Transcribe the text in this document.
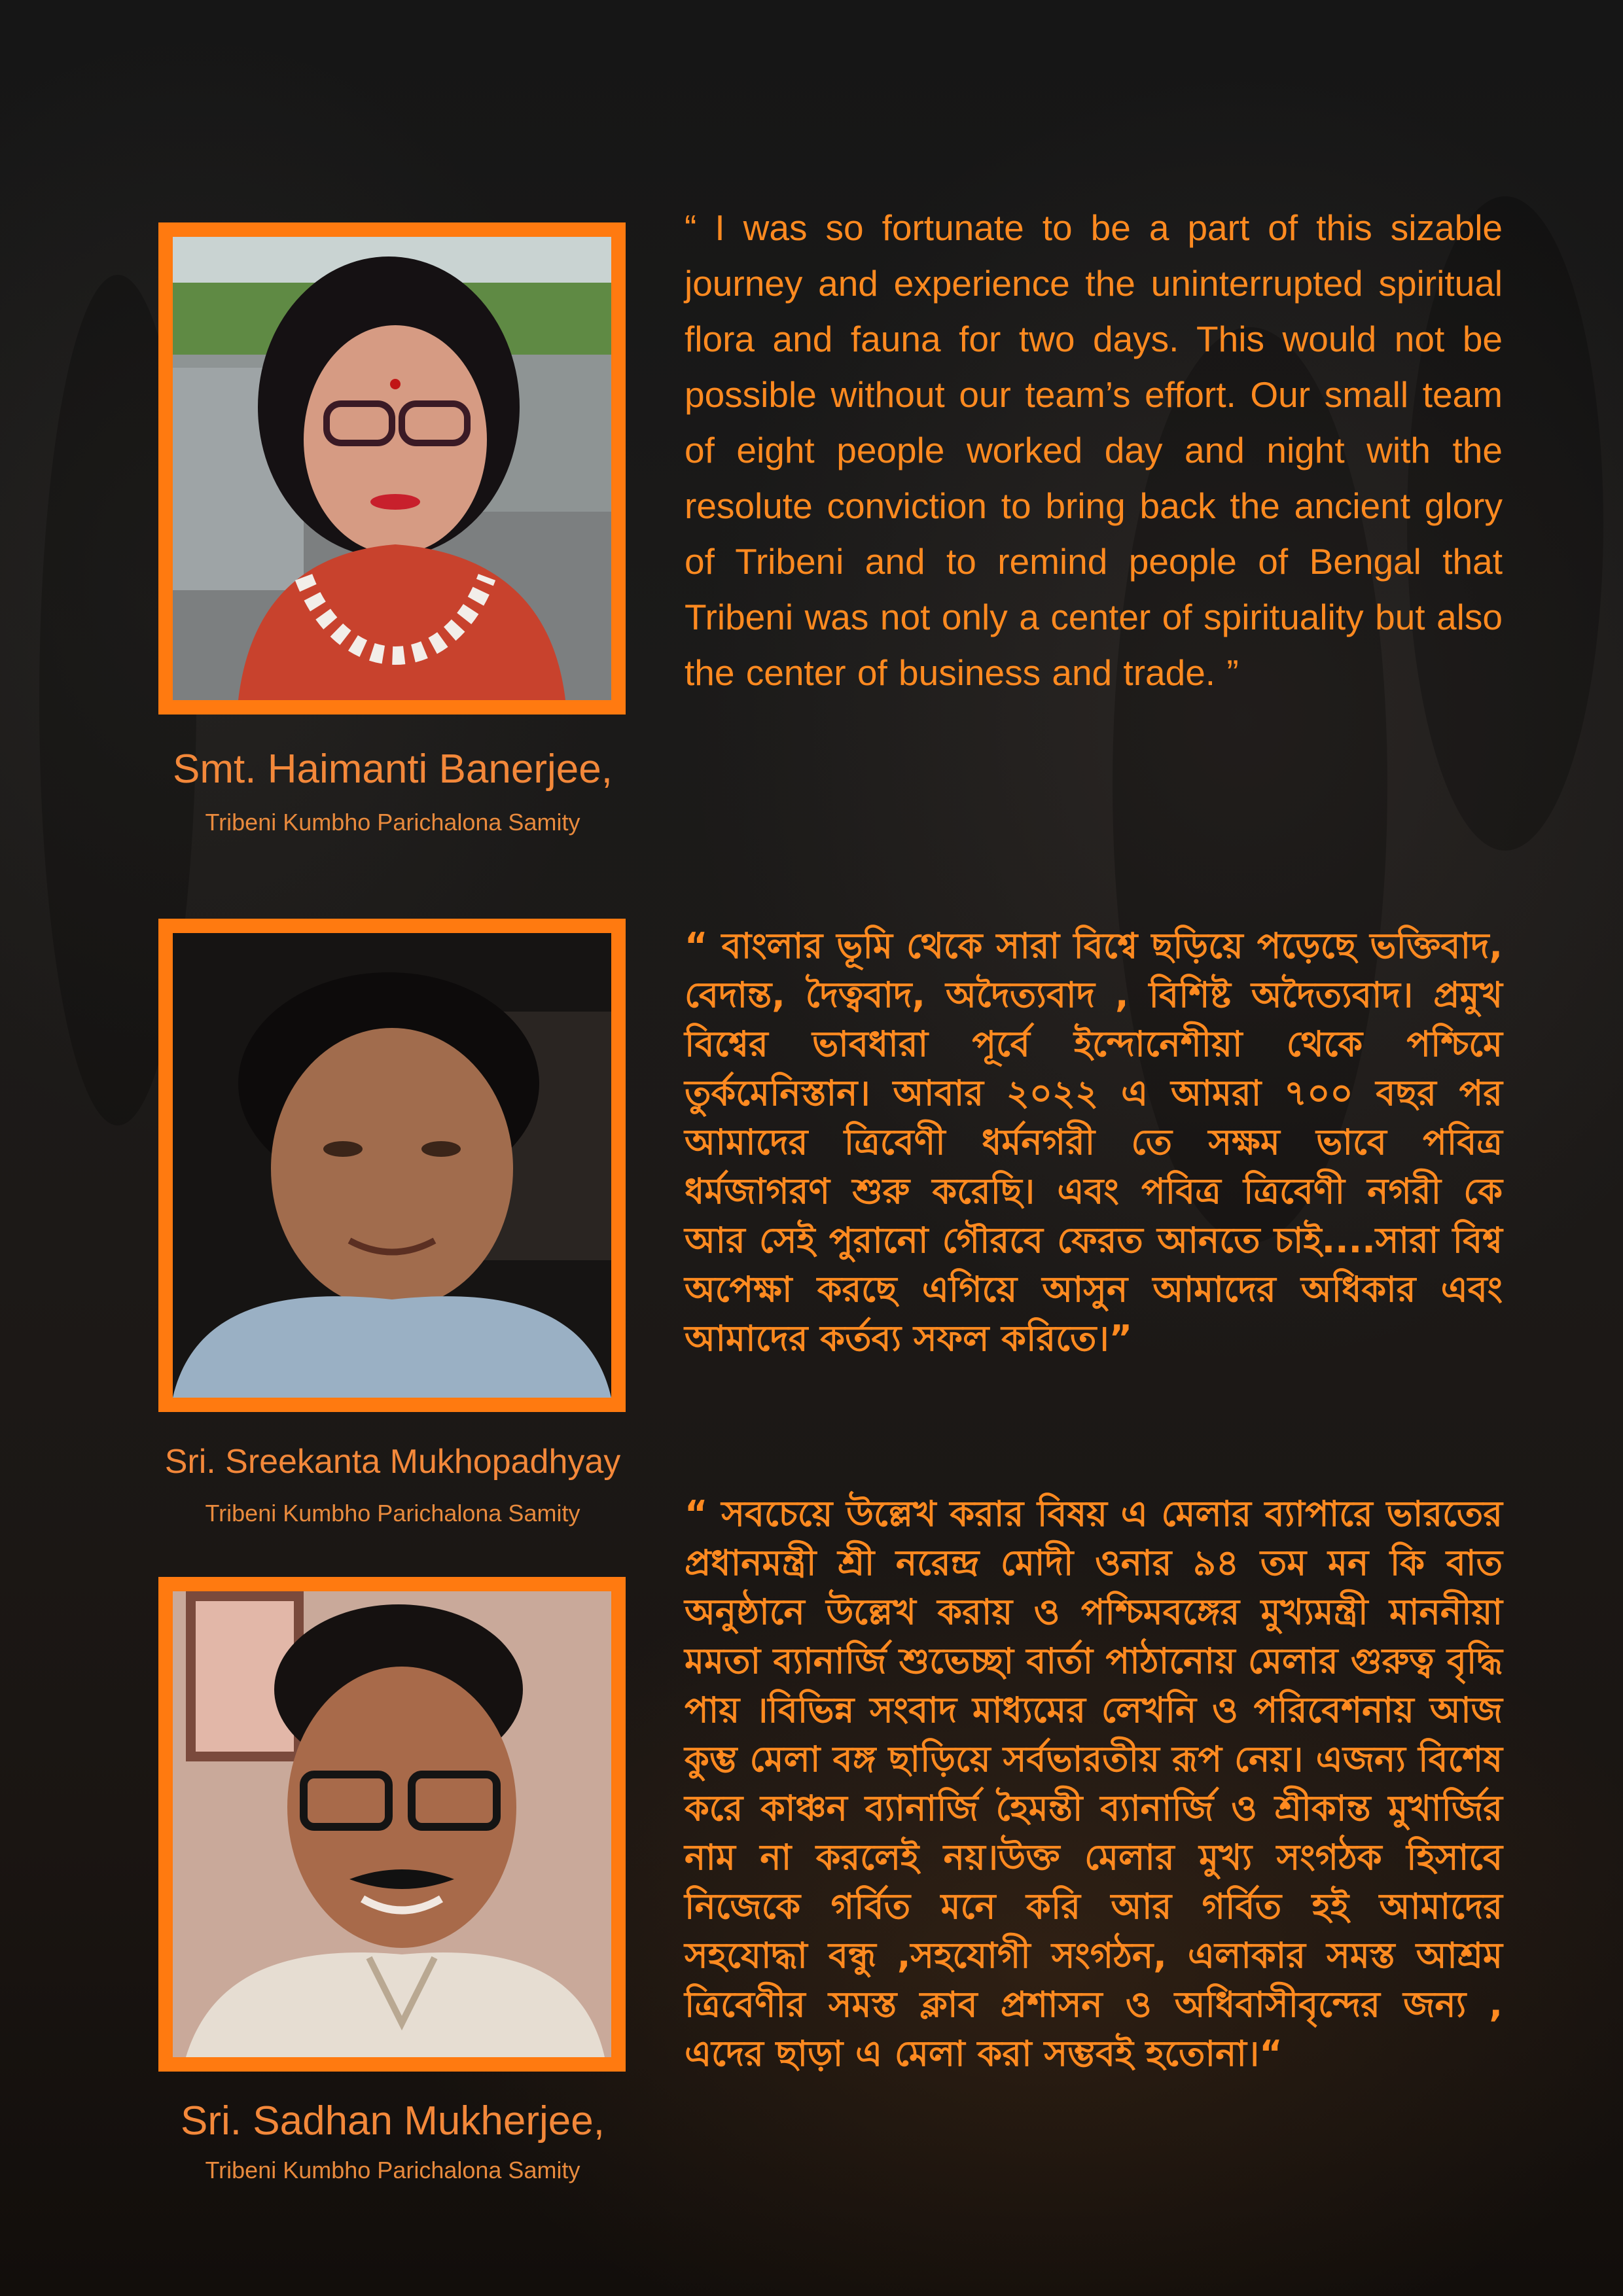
Smt. Haimanti Banerjee,
Tribeni Kumbho Parichalona Samity

“ I was so fortunate to be a part of this sizable journey and experience the uninterrupted spiritual flora and fauna for two days. This would not be possible without our team’s effort. Our small team of eight people worked day and night with the resolute conviction to bring back the ancient glory of Tribeni and to remind people of Bengal that Tribeni was not only a center of spirituality but also the center of business and trade. ”

Sri. Sreekanta Mukhopadhyay
Tribeni Kumbho Parichalona Samity

“ বাংলার ভূমি থেকে সারা বিশ্বে ছড়িয়ে পড়েছে ভক্তিবাদ, বেদান্ত, দৈত্ববাদ, অদৈত্যবাদ , বিশিষ্ট অদৈত্যবাদ। প্রমুখ বিশ্বের ভাবধারা পূর্বে ইন্দোনেশীয়া থেকে পশ্চিমে তুর্কমেনিস্তান। আবার ২০২২ এ আমরা ৭০০ বছর পর আমাদের ত্রিবেণী ধর্মনগরী তে সক্ষম ভাবে পবিত্র ধর্মজাগরণ শুরু করেছি। এবং পবিত্র ত্রিবেণী নগরী কে আর সেই পুরানো গৌরবে ফেরত আনতে চাই....সারা বিশ্ব অপেক্ষা করছে এগিয়ে আসুন আমাদের অধিকার এবং আমাদের কর্তব্য সফল করিতে।”

Sri. Sadhan Mukherjee,
Tribeni Kumbho Parichalona Samity

“ সবচেয়ে উল্লেখ করার বিষয় এ মেলার ব্যাপারে ভারতের প্রধানমন্ত্রী শ্রী নরেন্দ্র মোদী ওনার ৯৪ তম মন কি বাত অনুষ্ঠানে উল্লেখ করায় ও পশ্চিমবঙ্গের মুখ্যমন্ত্রী মাননীয়া মমতা ব্যানার্জি শুভেচ্ছা বার্তা পাঠানোয় মেলার গুরুত্ব বৃদ্ধি পায় ।বিভিন্ন সংবাদ মাধ্যমের লেখনি ও পরিবেশনায় আজ কুম্ভ মেলা বঙ্গ ছাড়িয়ে সর্বভারতীয় রূপ নেয়। এজন্য বিশেষ করে কাঞ্চন ব্যানার্জি হৈমন্তী ব্যানার্জি ও শ্রীকান্ত মুখার্জির নাম না করলেই নয়।উক্ত মেলার মুখ্য সংগঠক হিসাবে নিজেকে গর্বিত মনে করি আর গর্বিত হই আমাদের সহযোদ্ধা বন্ধু ,সহযোগী সংগঠন, এলাকার সমস্ত আশ্রম ত্রিবেণীর সমস্ত ক্লাব প্রশাসন ও অধিবাসীবৃন্দের জন্য , এদের ছাড়া এ মেলা করা সম্ভবই হতোনা।“
